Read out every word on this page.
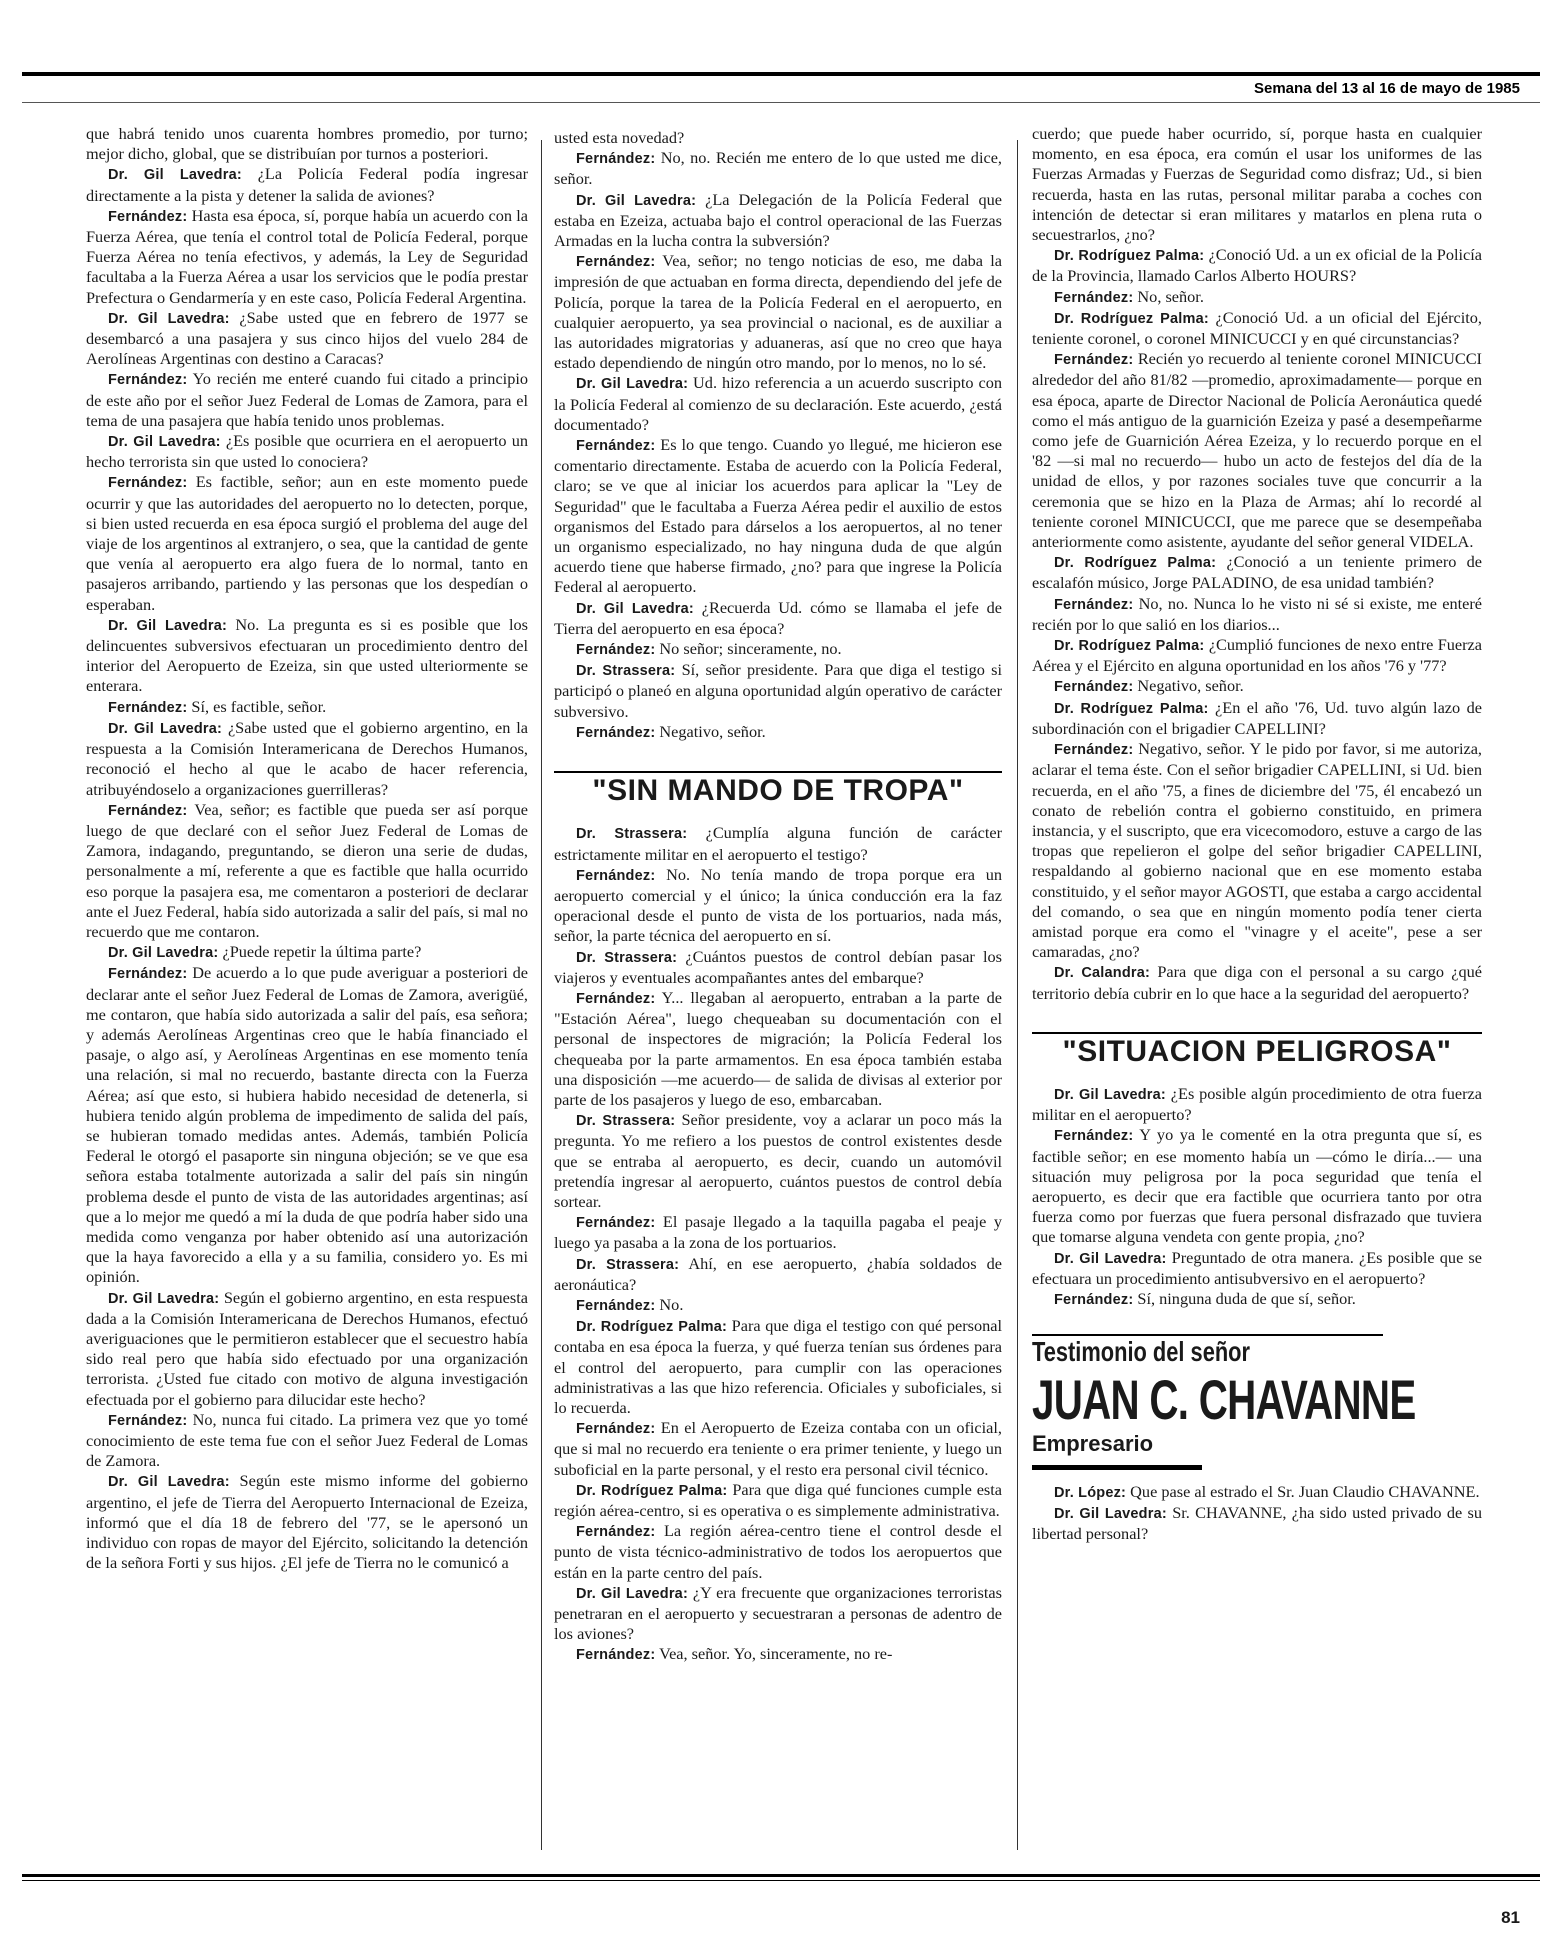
Semana del 13 al 16 de mayo de 1985

que habrá tenido unos cuarenta hombres promedio, por turno; mejor dicho, global, que se distribuían por turnos a posteriori.

Dr. Gil Lavedra: ¿La Policía Federal podía ingresar directamente a la pista y detener la salida de aviones?

Fernández: Hasta esa época, sí, porque había un acuerdo con la Fuerza Aérea, que tenía el control total de Policía Federal, porque Fuerza Aérea no tenía efectivos, y además, la Ley de Seguridad facultaba a la Fuerza Aérea a usar los servicios que le podía prestar Prefectura o Gendarmería y en este caso, Policía Federal Argentina.

Dr. Gil Lavedra: ¿Sabe usted que en febrero de 1977 se desembarcó a una pasajera y sus cinco hijos del vuelo 284 de Aerolíneas Argentinas con destino a Caracas?

Fernández: Yo recién me enteré cuando fui citado a principio de este año por el señor Juez Federal de Lomas de Zamora, para el tema de una pasajera que había tenido unos problemas.

Dr. Gil Lavedra: ¿Es posible que ocurriera en el aeropuerto un hecho terrorista sin que usted lo conociera?

Fernández: Es factible, señor; aun en este momento puede ocurrir y que las autoridades del aeropuerto no lo detecten, porque, si bien usted recuerda en esa época surgió el problema del auge del viaje de los argentinos al extranjero, o sea, que la cantidad de gente que venía al aeropuerto era algo fuera de lo normal, tanto en pasajeros arribando, partiendo y las personas que los despedían o esperaban.

Dr. Gil Lavedra: No. La pregunta es si es posible que los delincuentes subversivos efectuaran un procedimiento dentro del interior del Aeropuerto de Ezeiza, sin que usted ulteriormente se enterara.

Fernández: Sí, es factible, señor.

Dr. Gil Lavedra: ¿Sabe usted que el gobierno argentino, en la respuesta a la Comisión Interamericana de Derechos Humanos, reconoció el hecho al que le acabo de hacer referencia, atribuyéndoselo a organizaciones guerrilleras?

Fernández: Vea, señor; es factible que pueda ser así porque luego de que declaré con el señor Juez Federal de Lomas de Zamora, indagando, preguntando, se dieron una serie de dudas, personalmente a mí, referente a que es factible que halla ocurrido eso porque la pasajera esa, me comentaron a posteriori de declarar ante el Juez Federal, había sido autorizada a salir del país, si mal no recuerdo que me contaron.

Dr. Gil Lavedra: ¿Puede repetir la última parte?

Fernández: De acuerdo a lo que pude averiguar a posteriori de declarar ante el señor Juez Federal de Lomas de Zamora, averigüé, me contaron, que había sido autorizada a salir del país, esa señora; y además Aerolíneas Argentinas creo que le había financiado el pasaje, o algo así, y Aerolíneas Argentinas en ese momento tenía una relación, si mal no recuerdo, bastante directa con la Fuerza Aérea; así que esto, si hubiera habido necesidad de detenerla, si hubiera tenido algún problema de impedimento de salida del país, se hubieran tomado medidas antes. Además, también Policía Federal le otorgó el pasaporte sin ninguna objeción; se ve que esa señora estaba totalmente autorizada a salir del país sin ningún problema desde el punto de vista de las autoridades argentinas; así que a lo mejor me quedó a mí la duda de que podría haber sido una medida como venganza por haber obtenido así una autorización que la haya favorecido a ella y a su familia, considero yo. Es mi opinión.

Dr. Gil Lavedra: Según el gobierno argentino, en esta respuesta dada a la Comisión Interamericana de Derechos Humanos, efectuó averiguaciones que le permitieron establecer que el secuestro había sido real pero que había sido efectuado por una organización terrorista. ¿Usted fue citado con motivo de alguna investigación efectuada por el gobierno para dilucidar este hecho?

Fernández: No, nunca fui citado. La primera vez que yo tomé conocimiento de este tema fue con el señor Juez Federal de Lomas de Zamora.

Dr. Gil Lavedra: Según este mismo informe del gobierno argentino, el jefe de Tierra del Aeropuerto Internacional de Ezeiza, informó que el día 18 de febrero del '77, se le apersonó un individuo con ropas de mayor del Ejército, solicitando la detención de la señora Forti y sus hijos. ¿El jefe de Tierra no le comunicó a

usted esta novedad?

Fernández: No, no. Recién me entero de lo que usted me dice, señor.

Dr. Gil Lavedra: ¿La Delegación de la Policía Federal que estaba en Ezeiza, actuaba bajo el control operacional de las Fuerzas Armadas en la lucha contra la subversión?

Fernández: Vea, señor; no tengo noticias de eso, me daba la impresión de que actuaban en forma directa, dependiendo del jefe de Policía, porque la tarea de la Policía Federal en el aeropuerto, en cualquier aeropuerto, ya sea provincial o nacional, es de auxiliar a las autoridades migratorias y aduaneras, así que no creo que haya estado dependiendo de ningún otro mando, por lo menos, no lo sé.

Dr. Gil Lavedra: Ud. hizo referencia a un acuerdo suscripto con la Policía Federal al comienzo de su declaración. Este acuerdo, ¿está documentado?

Fernández: Es lo que tengo. Cuando yo llegué, me hicieron ese comentario directamente. Estaba de acuerdo con la Policía Federal, claro; se ve que al iniciar los acuerdos para aplicar la "Ley de Seguridad" que le facultaba a Fuerza Aérea pedir el auxilio de estos organismos del Estado para dárselos a los aeropuertos, al no tener un organismo especializado, no hay ninguna duda de que algún acuerdo tiene que haberse firmado, ¿no? para que ingrese la Policía Federal al aeropuerto.

Dr. Gil Lavedra: ¿Recuerda Ud. cómo se llamaba el jefe de Tierra del aeropuerto en esa época?

Fernández: No señor; sinceramente, no.

Dr. Strassera: Sí, señor presidente. Para que diga el testigo si participó o planeó en alguna oportunidad algún operativo de carácter subversivo.

Fernández: Negativo, señor.

"SIN MANDO DE TROPA"

Dr. Strassera: ¿Cumplía alguna función de carácter estrictamente militar en el aeropuerto el testigo?

Fernández: No. No tenía mando de tropa porque era un aeropuerto comercial y el único; la única conducción era la faz operacional desde el punto de vista de los portuarios, nada más, señor, la parte técnica del aeropuerto en sí.

Dr. Strassera: ¿Cuántos puestos de control debían pasar los viajeros y eventuales acompañantes antes del embarque?

Fernández: Y... llegaban al aeropuerto, entraban a la parte de "Estación Aérea", luego chequeaban su documentación con el personal de inspectores de migración; la Policía Federal los chequeaba por la parte armamentos. En esa época también estaba una disposición —me acuerdo— de salida de divisas al exterior por parte de los pasajeros y luego de eso, embarcaban.

Dr. Strassera: Señor presidente, voy a aclarar un poco más la pregunta. Yo me refiero a los puestos de control existentes desde que se entraba al aeropuerto, es decir, cuando un automóvil pretendía ingresar al aeropuerto, cuántos puestos de control debía sortear.

Fernández: El pasaje llegado a la taquilla pagaba el peaje y luego ya pasaba a la zona de los portuarios.

Dr. Strassera: Ahí, en ese aeropuerto, ¿había soldados de aeronáutica?

Fernández: No.

Dr. Rodríguez Palma: Para que diga el testigo con qué personal contaba en esa época la fuerza, y qué fuerza tenían sus órdenes para el control del aeropuerto, para cumplir con las operaciones administrativas a las que hizo referencia. Oficiales y suboficiales, si lo recuerda.

Fernández: En el Aeropuerto de Ezeiza contaba con un oficial, que si mal no recuerdo era teniente o era primer teniente, y luego un suboficial en la parte personal, y el resto era personal civil técnico.

Dr. Rodríguez Palma: Para que diga qué funciones cumple esta región aérea-centro, si es operativa o es simplemente administrativa.

Fernández: La región aérea-centro tiene el control desde el punto de vista técnico-administrativo de todos los aeropuertos que están en la parte centro del país.

Dr. Gil Lavedra: ¿Y era frecuente que organizaciones terroristas penetraran en el aeropuerto y secuestraran a personas de adentro de los aviones?

Fernández: Vea, señor. Yo, sinceramente, no re-

cuerdo; que puede haber ocurrido, sí, porque hasta en cualquier momento, en esa época, era común el usar los uniformes de las Fuerzas Armadas y Fuerzas de Seguridad como disfraz; Ud., si bien recuerda, hasta en las rutas, personal militar paraba a coches con intención de detectar si eran militares y matarlos en plena ruta o secuestrarlos, ¿no?

Dr. Rodríguez Palma: ¿Conoció Ud. a un ex oficial de la Policía de la Provincia, llamado Carlos Alberto HOURS?

Fernández: No, señor.

Dr. Rodríguez Palma: ¿Conoció Ud. a un oficial del Ejército, teniente coronel, o coronel MINICUCCI y en qué circunstancias?

Fernández: Recién yo recuerdo al teniente coronel MINICUCCI alrededor del año 81/82 —promedio, aproximadamente— porque en esa época, aparte de Director Nacional de Policía Aeronáutica quedé como el más antiguo de la guarnición Ezeiza y pasé a desempeñarme como jefe de Guarnición Aérea Ezeiza, y lo recuerdo porque en el '82 —si mal no recuerdo— hubo un acto de festejos del día de la unidad de ellos, y por razones sociales tuve que concurrir a la ceremonia que se hizo en la Plaza de Armas; ahí lo recordé al teniente coronel MINICUCCI, que me parece que se desempeñaba anteriormente como asistente, ayudante del señor general VIDELA.

Dr. Rodríguez Palma: ¿Conoció a un teniente primero de escalafón músico, Jorge PALADINO, de esa unidad también?

Fernández: No, no. Nunca lo he visto ni sé si existe, me enteré recién por lo que salió en los diarios...

Dr. Rodríguez Palma: ¿Cumplió funciones de nexo entre Fuerza Aérea y el Ejército en alguna oportunidad en los años '76 y '77?

Fernández: Negativo, señor.

Dr. Rodríguez Palma: ¿En el año '76, Ud. tuvo algún lazo de subordinación con el brigadier CAPELLINI?

Fernández: Negativo, señor. Y le pido por favor, si me autoriza, aclarar el tema éste. Con el señor brigadier CAPELLINI, si Ud. bien recuerda, en el año '75, a fines de diciembre del '75, él encabezó un conato de rebelión contra el gobierno constituido, en primera instancia, y el suscripto, que era vicecomodoro, estuve a cargo de las tropas que repelieron el golpe del señor brigadier CAPELLINI, respaldando al gobierno nacional que en ese momento estaba constituido, y el señor mayor AGOSTI, que estaba a cargo accidental del comando, o sea que en ningún momento podía tener cierta amistad porque era como el "vinagre y el aceite", pese a ser camaradas, ¿no?

Dr. Calandra: Para que diga con el personal a su cargo ¿qué territorio debía cubrir en lo que hace a la seguridad del aeropuerto?

"SITUACION PELIGROSA"

Dr. Gil Lavedra: ¿Es posible algún procedimiento de otra fuerza militar en el aeropuerto?

Fernández: Y yo ya le comenté en la otra pregunta que sí, es factible señor; en ese momento había un —cómo le diría...— una situación muy peligrosa por la poca seguridad que tenía el aeropuerto, es decir que era factible que ocurriera tanto por otra fuerza como por fuerzas que fuera personal disfrazado que tuviera que tomarse alguna vendeta con gente propia, ¿no?

Dr. Gil Lavedra: Preguntado de otra manera. ¿Es posible que se efectuara un procedimiento antisubversivo en el aeropuerto?

Fernández: Sí, ninguna duda de que sí, señor.

Testimonio del señor
JUAN C. CHAVANNE
Empresario

Dr. López: Que pase al estrado el Sr. Juan Claudio CHAVANNE.

Dr. Gil Lavedra: Sr. CHAVANNE, ¿ha sido usted privado de su libertad personal?

81
